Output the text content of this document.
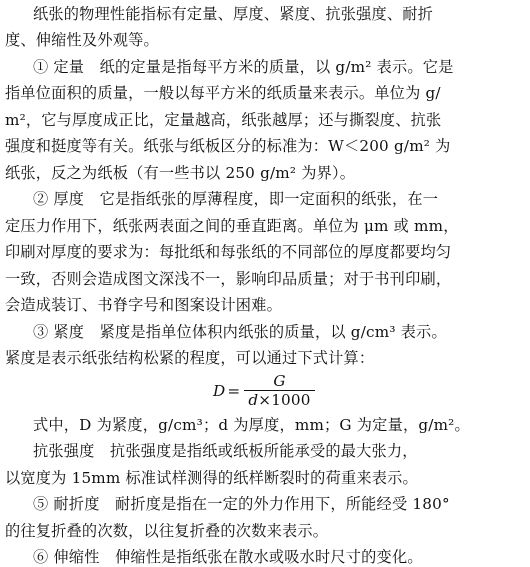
纸张的物理性能指标有定量、厚度、紧度、抗张强度、耐折
度、伸缩性及外观等。
① 定量　纸的定量是指每平方米的质量，以 g/m² 表示。它是
指单位面积的质量，一般以每平方米的纸质量来表示。单位为 g/
m²，它与厚度成正比，定量越高，纸张越厚；还与撕裂度、抗张
强度和挺度等有关。纸张与纸板区分的标准为：W＜200 g/m² 为
纸张，反之为纸板（有一些书以 250 g/m² 为界）。
② 厚度　它是指纸张的厚薄程度，即一定面积的纸张，在一
定压力作用下，纸张两表面之间的垂直距离。单位为 μm 或 mm，
印刷对厚度的要求为：每批纸和每张纸的不同部位的厚度都要均匀
一致，否则会造成图文深浅不一，影响印品质量；对于书刊印刷，
会造成装订、书脊字号和图案设计困难。
③ 紧度　紧度是指单位体积内纸张的质量，以 g/cm³ 表示。
紧度是表示纸张结构松紧的程度，可以通过下式计算：
$D = \frac{G}{d\times 1000}$
式中，D 为紧度，g/cm³；d 为厚度，mm；G 为定量，g/m²。
抗张强度　抗张强度是指纸或纸板所能承受的最大张力，
以宽度为 15mm 标准试样测得的纸样断裂时的荷重来表示。
⑤ 耐折度　耐折度是指在一定的外力作用下，所能经受 180°
的往复折叠的次数，以往复折叠的次数来表示。
⑥ 伸缩性　伸缩性是指纸张在散水或吸水时尺寸的变化。
